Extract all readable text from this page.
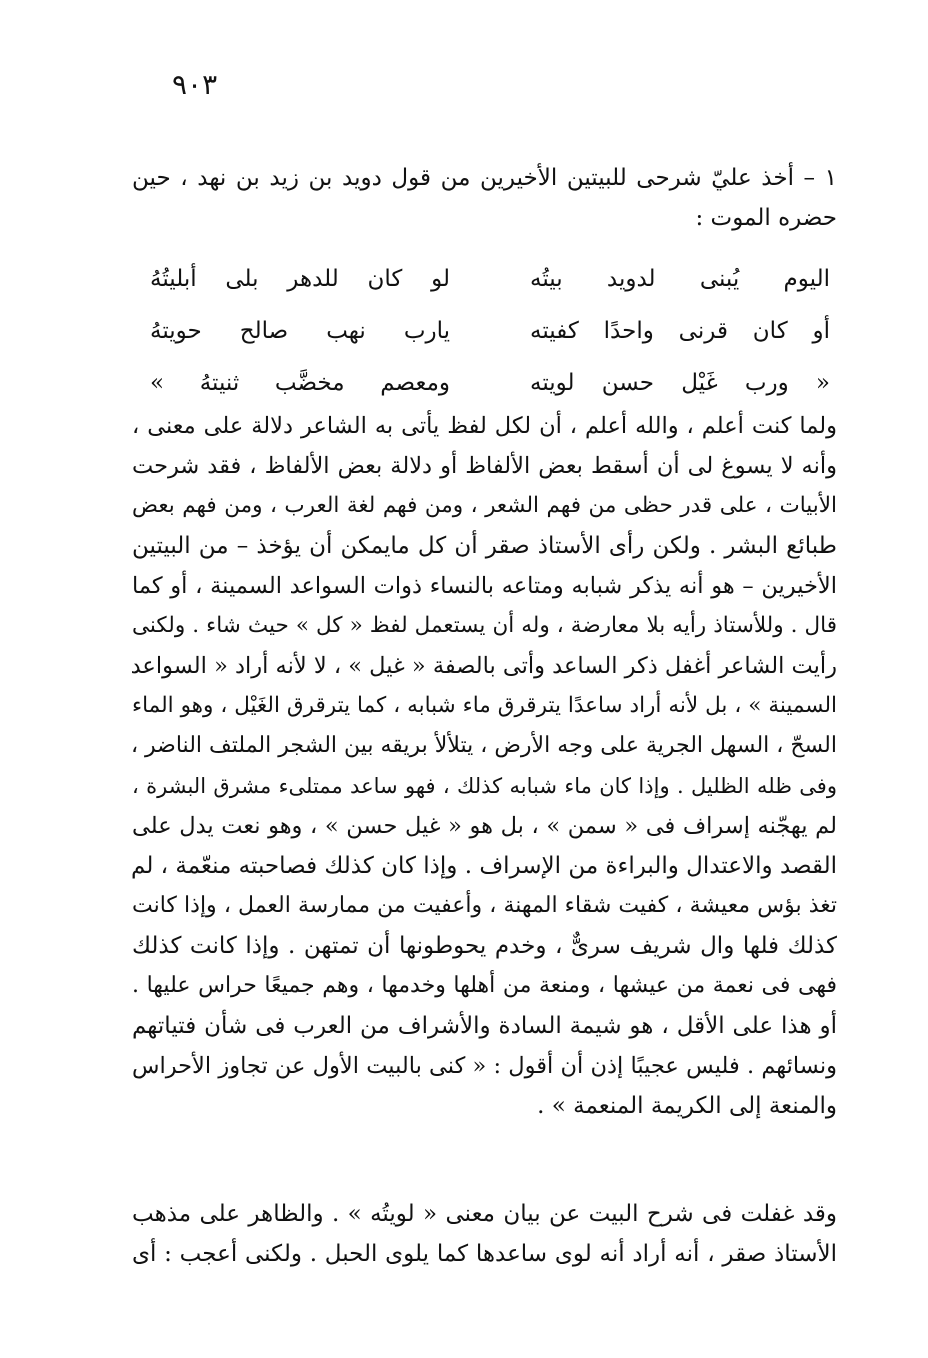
٩٠٣
١ – أخذ عليّ شرحى للبيتين الأخيرين من قول دويد بن زيد بن نهد ، حين
حضره الموت :
اليوم يُبنى لدويد بيتُه
لو كان للدهر بلى أبليتُهُ
أو كان قرنى واحدًا كفيته
يارب نهب صالح حويتهُ
« ورب غَيْل حسن لويته
ومعصم مخضَّب ثنيتهُ »
ولما كنت أعلم ، والله أعلم ، أن لكل لفظ يأتى به الشاعر دلالة على معنى ،
وأنه لا يسوغ لى أن أسقط بعض الألفاظ أو دلالة بعض الألفاظ ، فقد شرحت
الأبيات ، على قدر حظى من فهم الشعر ، ومن فهم لغة العرب ، ومن فهم بعض
طبائع البشر . ولكن رأى الأستاذ صقر أن كل مايمكن أن يؤخذ – من البيتين
الأخيرين – هو أنه يذكر شبابه ومتاعه بالنساء ذوات السواعد السمينة ، أو كما
قال . وللأستاذ رأيه بلا معارضة ، وله أن يستعمل لفظ « كل » حيث شاء . ولكنى
رأيت الشاعر أغفل ذكر الساعد وأتى بالصفة « غيل » ، لا لأنه أراد « السواعد
السمينة » ، بل لأنه أراد ساعدًا يترقرق ماء شبابه ، كما يترقرق الغَيْل ، وهو الماء
السحّ ، السهل الجرية على وجه الأرض ، يتلألأ بريقه بين الشجر الملتف الناضر ،
وفى ظله الظليل . وإذا كان ماء شبابه كذلك ، فهو ساعد ممتلىء مشرق البشرة ،
لم يهجّنه إسراف فى « سمن » ، بل هو « غيل حسن » ، وهو نعت يدل على
القصد والاعتدال والبراءة من الإسراف . وإذا كان كذلك فصاحبته منعّمة ، لم
تغذ بؤس معيشة ، كفيت شقاء المهنة ، وأعفيت من ممارسة العمل ، وإذا كانت
كذلك فلها وال شريف سرىٌّ ، وخدم يحوطونها أن تمتهن . وإذا كانت كذلك
فهى فى نعمة من عيشها ، ومنعة من أهلها وخدمها ، وهم جميعًا حراس عليها .
أو هذا على الأقل ، هو شيمة السادة والأشراف من العرب فى شأن فتياتهم
ونسائهم . فليس عجيبًا إذن أن أقول : « كنى بالبيت الأول عن تجاوز الأحراس
والمنعة إلى الكريمة المنعمة » .
وقد غفلت فى شرح البيت عن بيان معنى « لويتُه » . والظاهر على مذهب
الأستاذ صقر ، أنه أراد أنه لوى ساعدها كما يلوى الحبل . ولكنى أعجب : أى
